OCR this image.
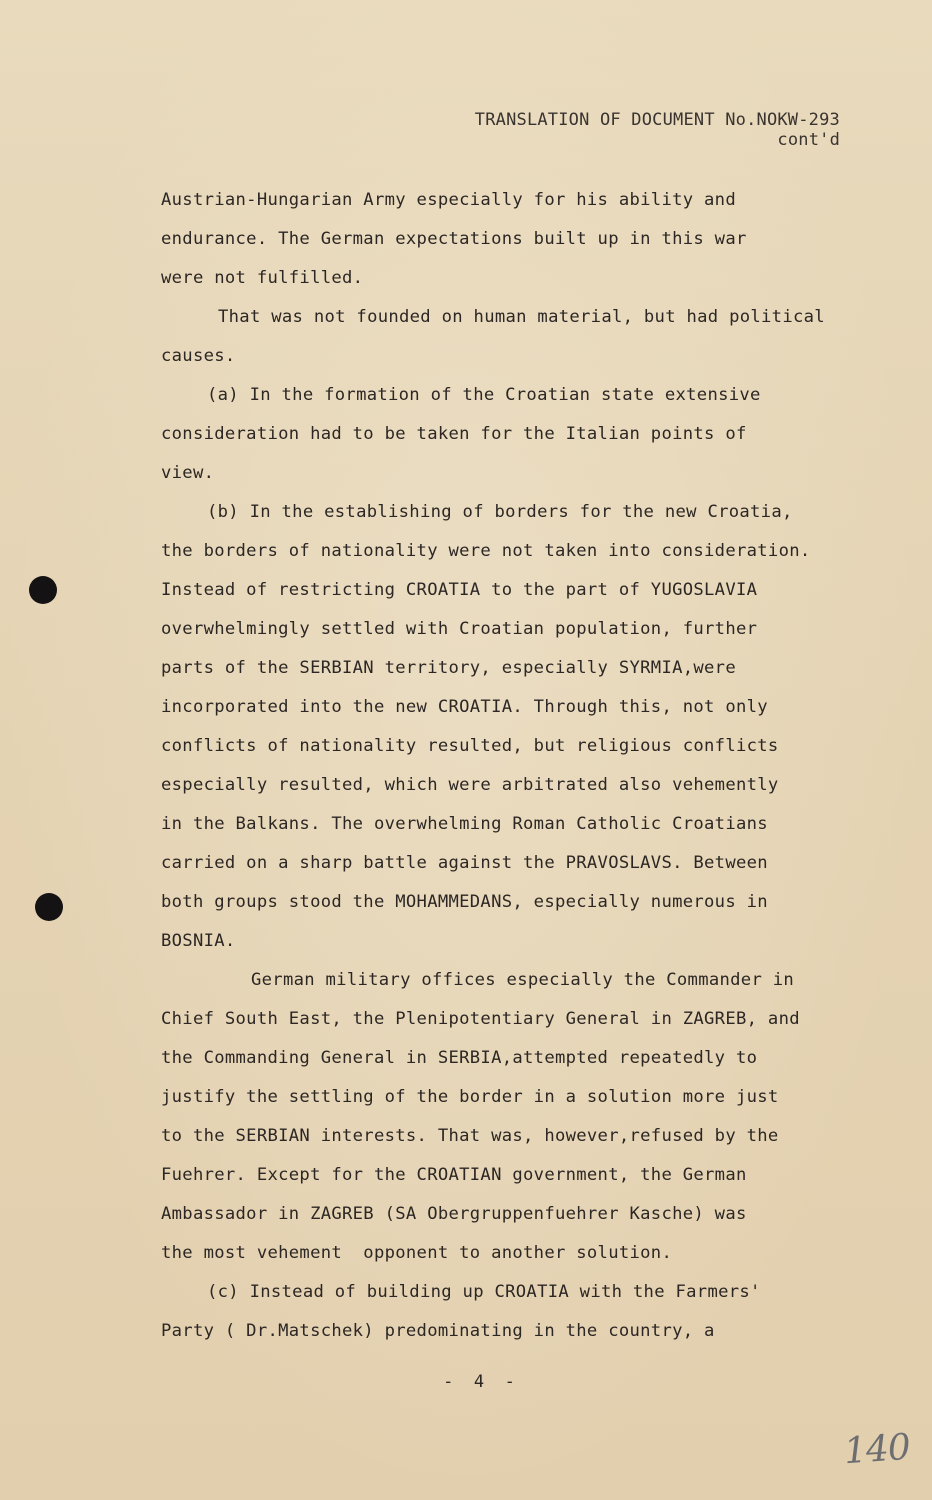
TRANSLATION OF DOCUMENT No.NOKW-293
cont'd
Austrian-Hungarian Army especially for his ability and
endurance. The German expectations built up in this war
were not fulfilled.
That was not founded on human material, but had political
causes.
(a) In the formation of the Croatian state extensive
consideration had to be taken for the Italian points of
view.
(b) In the establishing of borders for the new Croatia,
the borders of nationality were not taken into consideration.
Instead of restricting CROATIA to the part of YUGOSLAVIA
overwhelmingly settled with Croatian population, further
parts of the SERBIAN territory, especially SYRMIA,were
incorporated into the new CROATIA. Through this, not only
conflicts of nationality resulted, but religious conflicts
especially resulted, which were arbitrated also vehemently
in the Balkans. The overwhelming Roman Catholic Croatians
carried on a sharp battle against the PRAVOSLAVS. Between
both groups stood the MOHAMMEDANS, especially numerous in
BOSNIA.
German military offices especially the Commander in
Chief South East, the Plenipotentiary General in ZAGREB, and
the Commanding General in SERBIA,attempted repeatedly to
justify the settling of the border in a solution more just
to the SERBIAN interests. That was, however,refused by the
Fuehrer. Except for the CROATIAN government, the German
Ambassador in ZAGREB (SA Obergruppenfuehrer Kasche) was
the most vehement  opponent to another solution.
(c) Instead of building up CROATIA with the Farmers'
Party ( Dr.Matschek) predominating in the country, a
-  4  -
140
